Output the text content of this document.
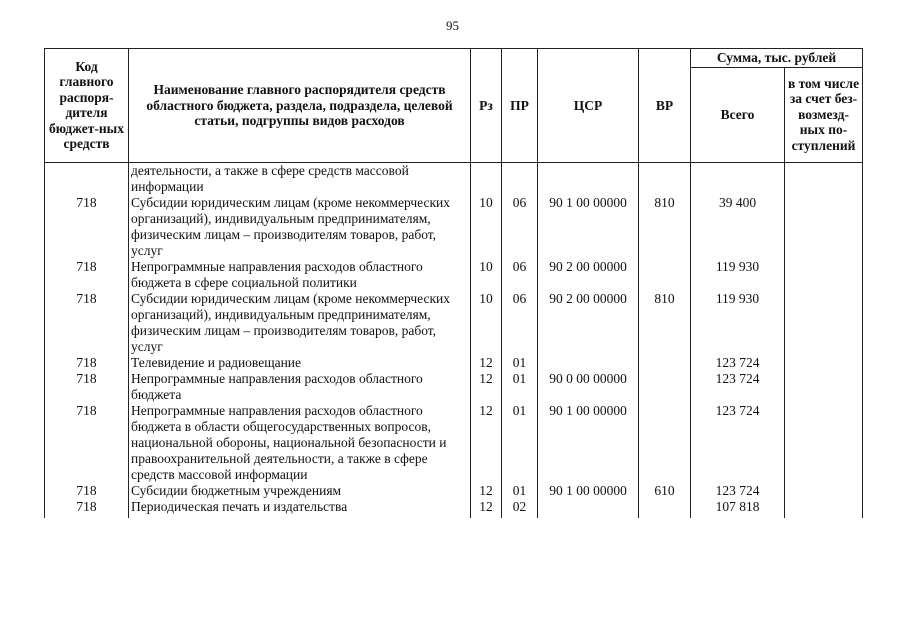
95
Код главного распоря-дителя бюджет-ных средств	Наименование главного распорядителя средств областного бюджета, раздела, подраздела, целевой статьи, подгруппы видов расходов	Рз	ПР	ЦСР	ВР	Сумма, тыс. рублей	
						Всего	в том числе за счет без-возмезд-ных по-ступлений
	деятельности, а также в сфере средств массовой информации						
718	Субсидии юридическим лицам (кроме некоммерческих организаций), индивидуальным предпринимателям, физическим лицам – производителям товаров, работ, услуг	10	06	90 1 00 00000	810	39 400	
718	Непрограммные направления расходов областного бюджета в сфере социальной политики	10	06	90 2 00 00000		119 930	
718	Субсидии юридическим лицам (кроме некоммерческих организаций), индивидуальным предпринимателям, физическим лицам – производителям товаров, работ, услуг	10	06	90 2 00 00000	810	119 930	
718	Телевидение и радиовещание	12	01			123 724	
718	Непрограммные направления расходов областного бюджета	12	01	90 0 00 00000		123 724	
718	Непрограммные направления расходов областного бюджета в области общегосударственных вопросов, национальной обороны, национальной безопасности и правоохранительной деятельности, а также в сфере средств массовой информации	12	01	90 1 00 00000		123 724	
718	Субсидии бюджетным учреждениям	12	01	90 1 00 00000	610	123 724	
718	Периодическая печать и издательства	12	02			107 818	
